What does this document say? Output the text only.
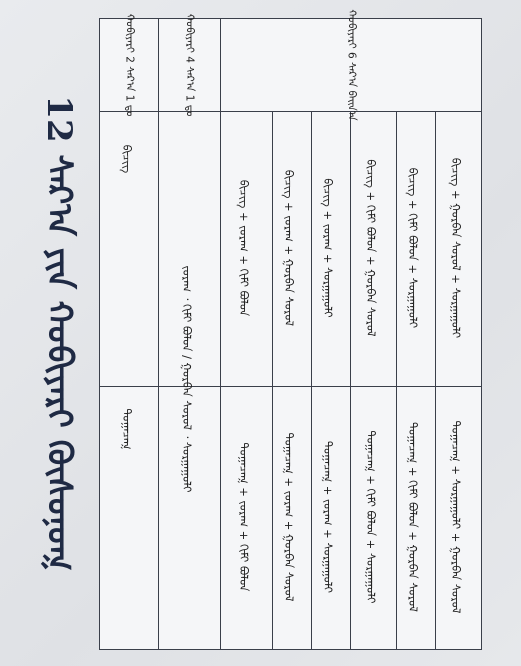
12 ᠰᠠᠷ᠎ᠠ ᠶᠢᠨ ᠬᠤᠪᠢᠶᠠᠷᠢ ᠬᠦᠰᠦᠨᠦᠭ᠍
ᠬᠤᠪᠢᠶᠠᠷᠢ 2 ᠰᠠᠷ᠎ᠠ 1 ᠳᠤ	ᠬᠤᠪᠢᠶᠠᠷᠢ 4 ᠰᠠᠷ᠎ᠠ 1 ᠳᠤ	ᠬᠤᠪᠢᠶᠠᠷᠢ 6 ᠰᠠᠷ᠎ᠠ ᠪᠠᠢᠨ᠎ᠠ
ᠪᠢᠴᠢᠭ᠌
ᠲᠤᠭᠠᠴᠠᠭ᠍	ᠵᠤᠷᠠᠭ ᠂ ᠬᠢᠮᠢ ᠪᠤᠯᠤᠨ / ᠭᠤᠷᠪᠠᠨ ᠰᠤᠷᠤᠯ ᠂ ᠰᠤᠷᠭᠠᠭᠤᠯᠢ
ᠪᠢᠴᠢᠭ᠌ + ᠵᠤᠷᠠᠭ + ᠬᠢᠮᠢ ᠪᠤᠯᠤᠨ	ᠪᠢᠴᠢᠭ᠌ + ᠵᠤᠷᠠᠭ + ᠭᠤᠷᠪᠠᠨ ᠰᠤᠷᠤᠯ	ᠪᠢᠴᠢᠭ᠌ + ᠵᠤᠷᠠᠭ + ᠰᠤᠷᠭᠠᠭᠤᠯᠢ	ᠪᠢᠴᠢᠭ᠌ + ᠬᠢᠮᠢ ᠪᠤᠯᠤᠨ + ᠭᠤᠷᠪᠠᠨ ᠰᠤᠷᠤᠯ	ᠪᠢᠴᠢᠭ᠌ + ᠬᠢᠮᠢ ᠪᠤᠯᠤᠨ + ᠰᠤᠷᠭᠠᠭᠤᠯᠢ	ᠪᠢᠴᠢᠭ᠌ + ᠭᠤᠷᠪᠠᠨ ᠰᠤᠷᠤᠯ + ᠰᠤᠷᠭᠠᠭᠤᠯᠢ
ᠲᠤᠭᠠᠴᠠᠭ᠍ + ᠵᠤᠷᠠᠭ + ᠬᠢᠮᠢ ᠪᠤᠯᠤᠨ	ᠲᠤᠭᠠᠴᠠᠭ᠍ + ᠵᠤᠷᠠᠭ + ᠭᠤᠷᠪᠠᠨ ᠰᠤᠷᠤᠯ	ᠲᠤᠭᠠᠴᠠᠭ᠍ + ᠵᠤᠷᠠᠭ + ᠰᠤᠷᠭᠠᠭᠤᠯᠢ	ᠲᠤᠭᠠᠴᠠᠭ᠍ + ᠬᠢᠮᠢ ᠪᠤᠯᠤᠨ + ᠰᠤᠷᠭᠠᠭᠤᠯᠢ	ᠲᠤᠭᠠᠴᠠᠭ᠍ + ᠬᠢᠮᠢ ᠪᠤᠯᠤᠨ + ᠭᠤᠷᠪᠠᠨ ᠰᠤᠷᠤᠯ	ᠲᠤᠭᠠᠴᠠᠭ᠍ + ᠰᠤᠷᠭᠠᠭᠤᠯᠢ + ᠭᠤᠷᠪᠠᠨ ᠰᠤᠷᠤᠯ
